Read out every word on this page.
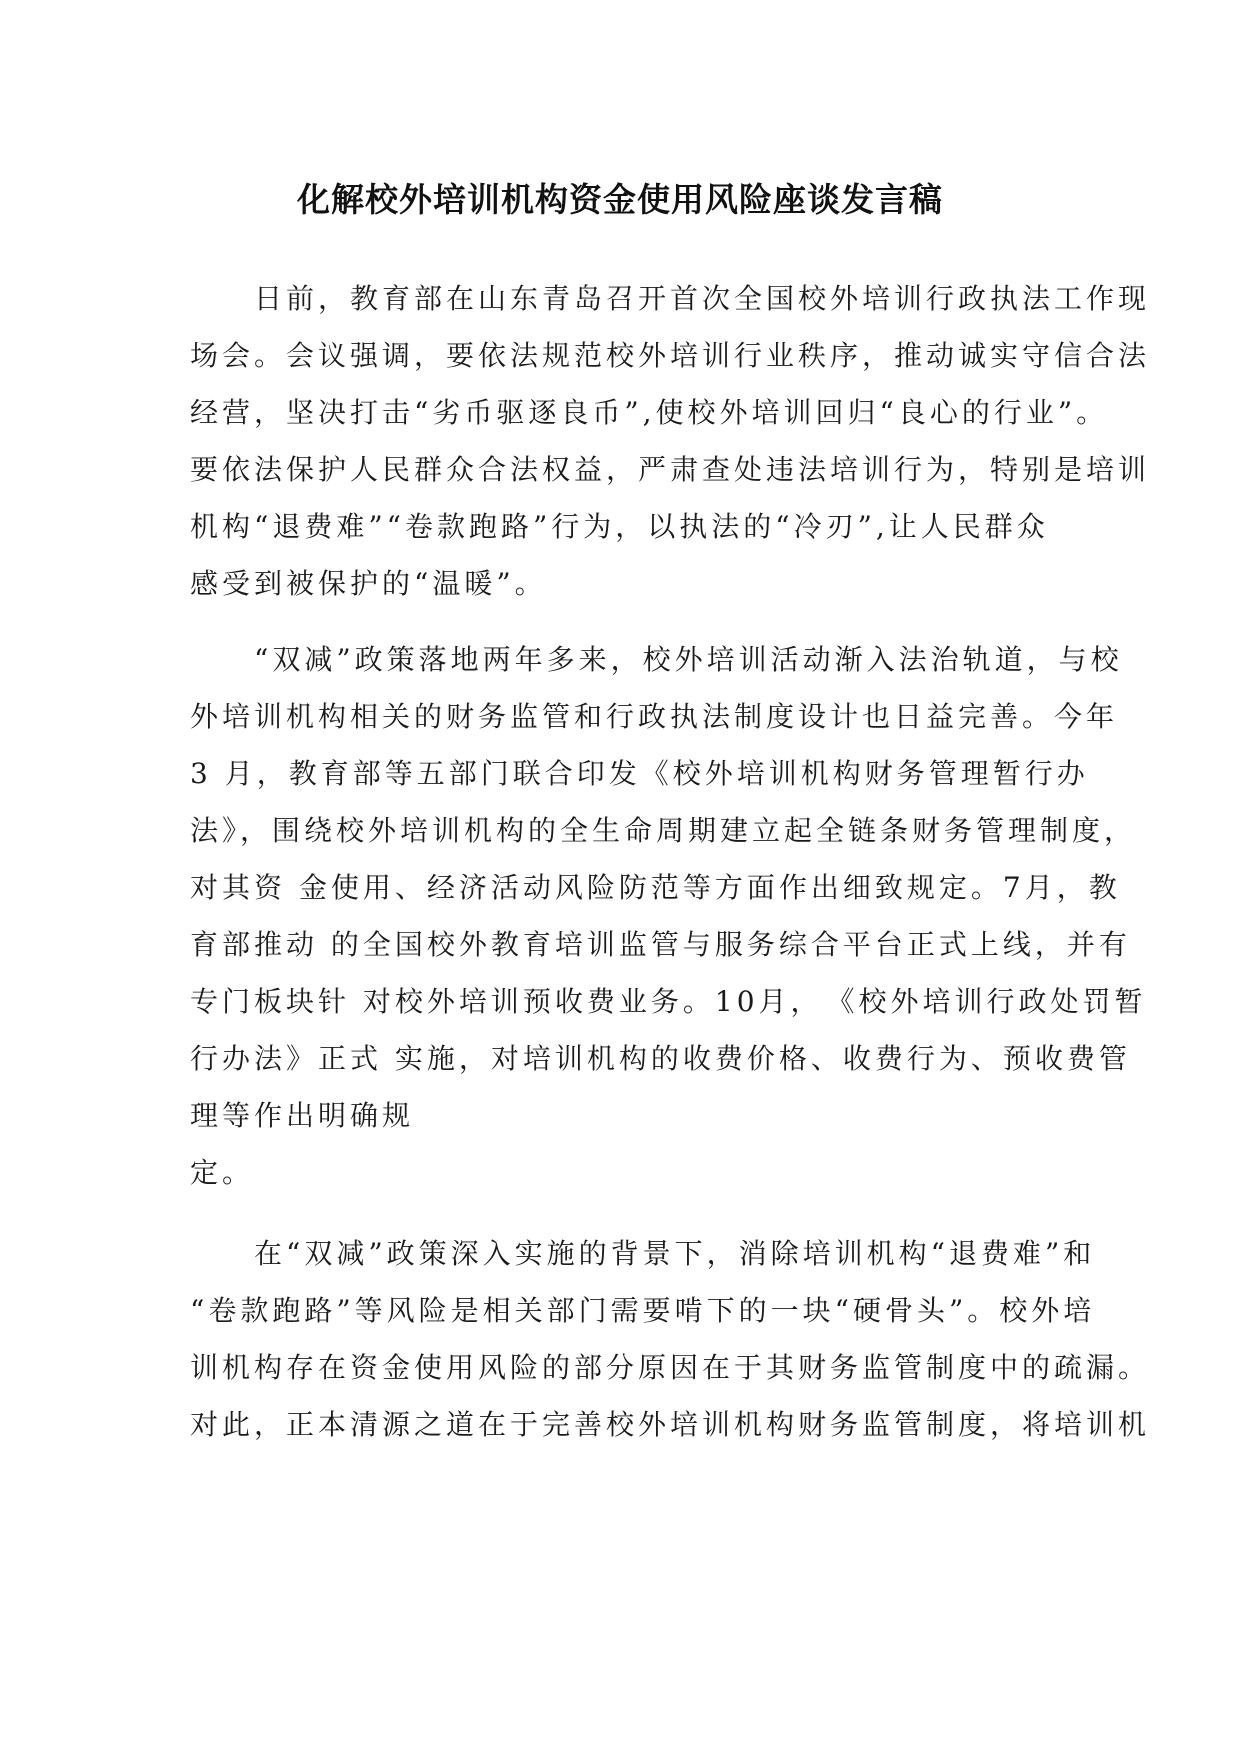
化解校外培训机构资金使用风险座谈发言稿
　　日前，教育部在山东青岛召开首次全国校外培训行政执法工作现
场会。会议强调，要依法规范校外培训行业秩序，推动诚实守信合法
经营，坚决打击“劣币驱逐良币”,使校外培训回归“良心的行业”。
要依法保护人民群众合法权益，严肃查处违法培训行为，特别是培训
机构“退费难”“卷款跑路”行为，以执法的“冷刃”,让人民群众
感受到被保护的“温暖”。
　　“双减”政策落地两年多来，校外培训活动渐入法治轨道，与校
外培训机构相关的财务监管和行政执法制度设计也日益完善。今年
3 月，教育部等五部门联合印发《校外培训机构财务管理暂行办
法》，围绕校外培训机构的全生命周期建立起全链条财务管理制度，
对其资 金使用、经济活动风险防范等方面作出细致规定。7月，教
育部推动 的全国校外教育培训监管与服务综合平台正式上线，并有
专门板块针 对校外培训预收费业务。10月，　《校外培训行政处罚暂
行办法》正式 实施，对培训机构的收费价格、收费行为、预收费管
理等作出明确规
定。
　　在“双减”政策深入实施的背景下，消除培训机构“退费难”和
“卷款跑路”等风险是相关部门需要啃下的一块“硬骨头”。校外培
训机构存在资金使用风险的部分原因在于其财务监管制度中的疏漏。
对此，正本清源之道在于完善校外培训机构财务监管制度，将培训机
